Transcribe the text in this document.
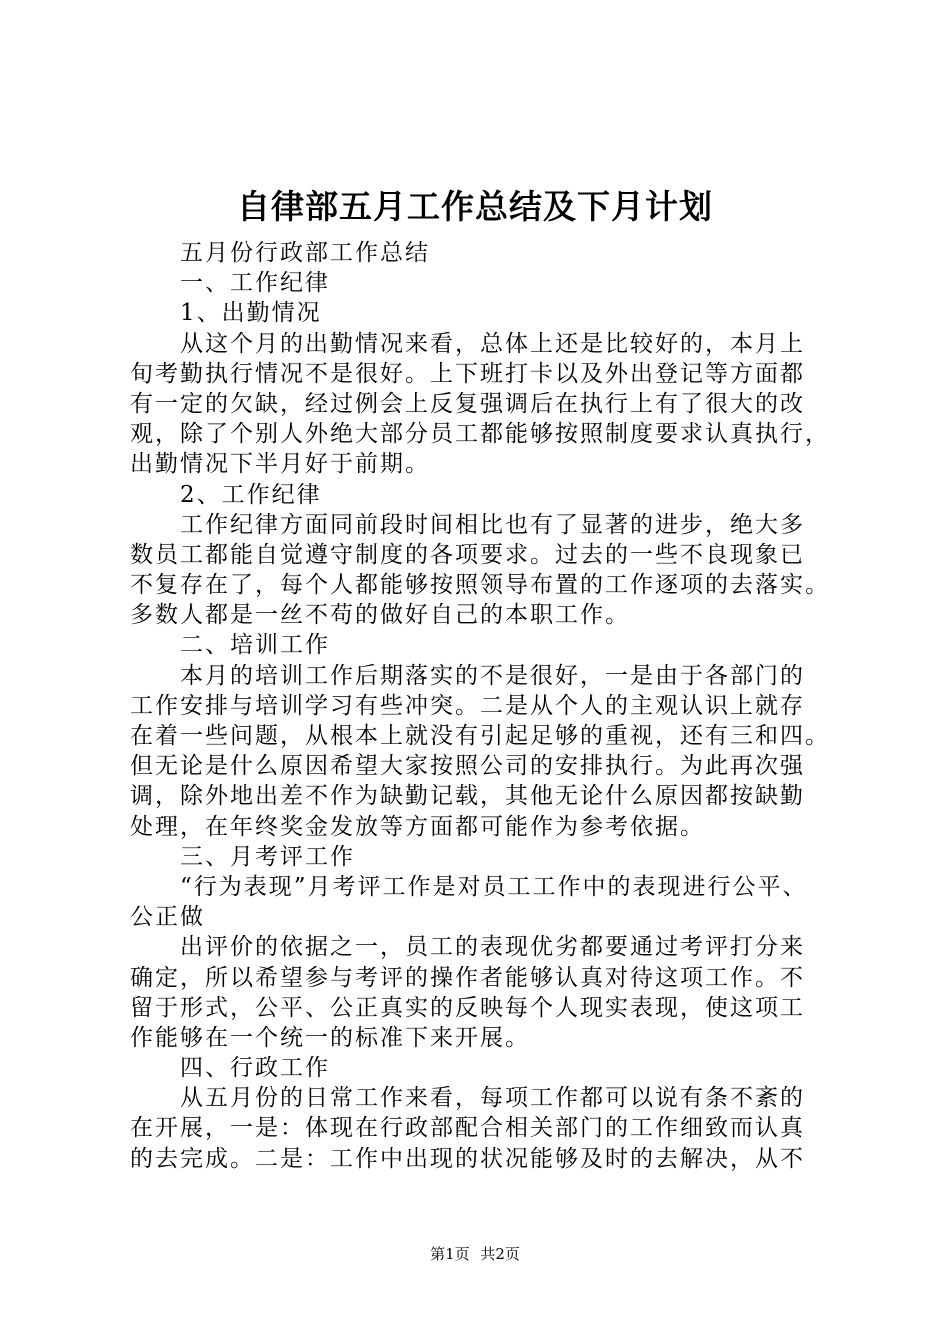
自律部五月工作总结及下月计划

五月份行政部工作总结

一、工作纪律

1、出勤情况

从这个月的出勤情况来看，总体上还是比较好的，本月上

旬考勤执行情况不是很好。上下班打卡以及外出登记等方面都

有一定的欠缺，经过例会上反复强调后在执行上有了很大的改

观，除了个别人外绝大部分员工都能够按照制度要求认真执行，

出勤情况下半月好于前期。

2、工作纪律

工作纪律方面同前段时间相比也有了显著的进步，绝大多

数员工都能自觉遵守制度的各项要求。过去的一些不良现象已

不复存在了，每个人都能够按照领导布置的工作逐项的去落实。

多数人都是一丝不苟的做好自己的本职工作。

二、培训工作

本月的培训工作后期落实的不是很好，一是由于各部门的

工作安排与培训学习有些冲突。二是从个人的主观认识上就存

在着一些问题，从根本上就没有引起足够的重视，还有三和四。

但无论是什么原因希望大家按照公司的安排执行。为此再次强

调，除外地出差不作为缺勤记载，其他无论什么原因都按缺勤

处理，在年终奖金发放等方面都可能作为参考依据。

三、月考评工作

“行为表现”月考评工作是对员工工作中的表现进行公平、

公正做

出评价的依据之一，员工的表现优劣都要通过考评打分来

确定，所以希望参与考评的操作者能够认真对待这项工作。不

留于形式，公平、公正真实的反映每个人现实表现，使这项工

作能够在一个统一的标准下来开展。

四、行政工作

从五月份的日常工作来看，每项工作都可以说有条不紊的

在开展，一是：体现在行政部配合相关部门的工作细致而认真

的去完成。二是：工作中出现的状况能够及时的去解决，从不

第1页 共2页
